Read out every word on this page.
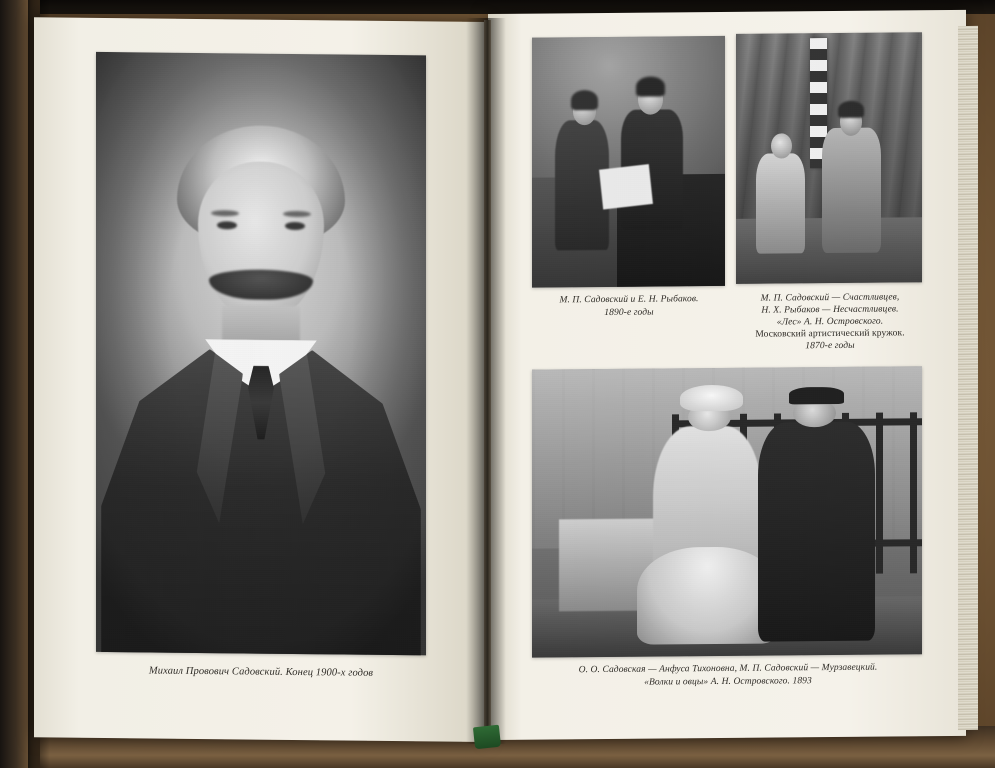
Михаил Провович Садовский. Конец 1900-х годов
М. П. Садовский и Е. Н. Рыбаков.
1890-е годы
М. П. Садовский — Счастливцев,
Н. Х. Рыбаков — Несчастливцев.
«Лес» А. Н. Островского.
Московский артистический кружок.
1870-е годы
О. О. Садовская — Анфуса Тихоновна, М. П. Садовский — Мурзавецкий.
«Волки и овцы» А. Н. Островского. 1893
